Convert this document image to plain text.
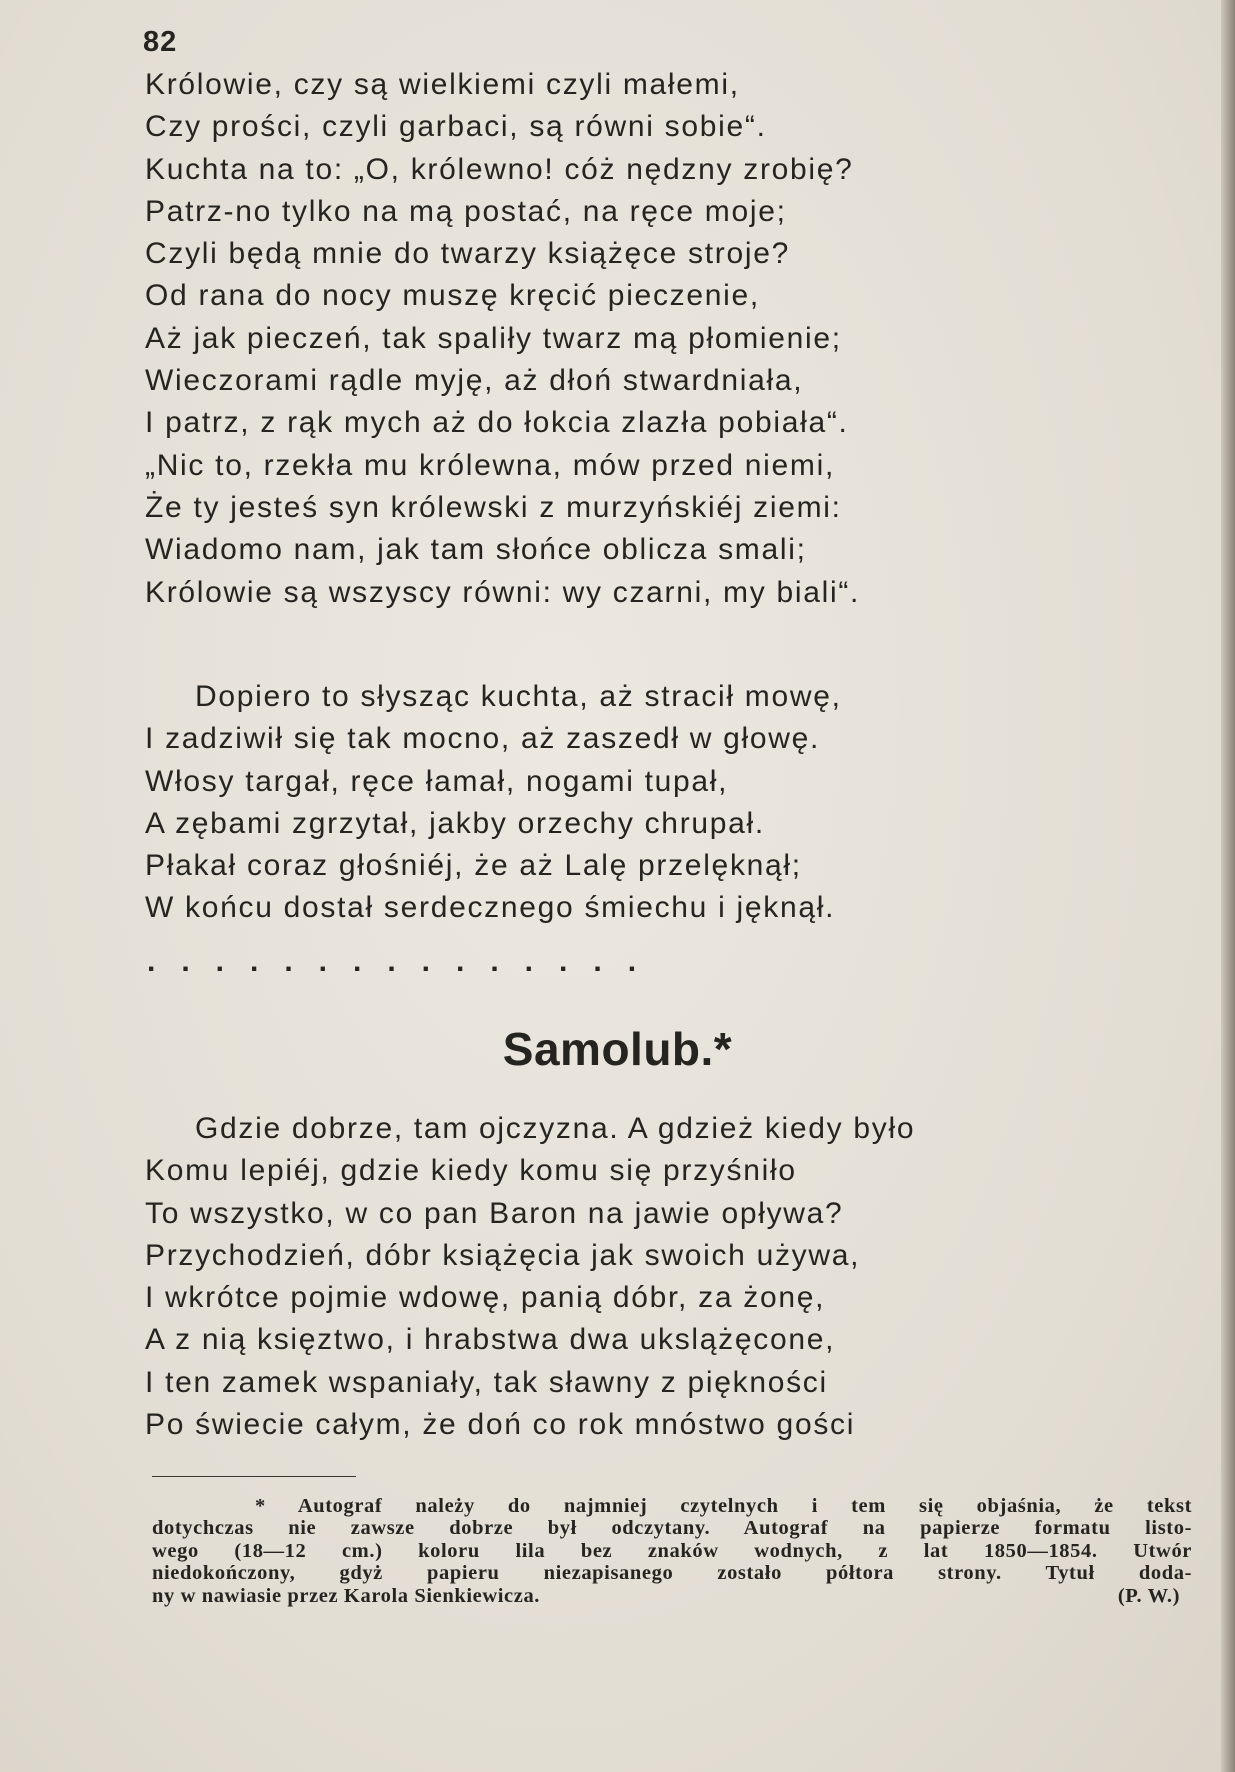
82
Królowie, czy są wielkiemi czyli małemi,
Czy prości, czyli garbaci, są równi sobie“.
Kuchta na to: „O, królewno! cóż nędzny zrobię?
Patrz-no tylko na mą postać, na ręce moje;
Czyli będą mnie do twarzy książęce stroje?
Od rana do nocy muszę kręcić pieczenie,
Aż jak pieczeń, tak spaliły twarz mą płomienie;
Wieczorami rądle myję, aż dłoń stwardniała,
I patrz, z rąk mych aż do łokcia zlazła pobiała“.
„Nic to, rzekła mu królewna, mów przed niemi,
Że ty jesteś syn królewski z murzyńskiéj ziemi:
Wiadomo nam, jak tam słońce oblicza smali;
Królowie są wszyscy równi: wy czarni, my biali“.
Dopiero to słysząc kuchta, aż stracił mowę,
I zadziwił się tak mocno, aż zaszedł w głowę.
Włosy targał, ręce łamał, nogami tupał,
A zębami zgrzytał, jakby orzechy chrupał.
Płakał coraz głośniéj, że aż Lalę przelęknął;
W końcu dostał serdecznego śmiechu i jęknął.
...............
Samolub.*
Gdzie dobrze, tam ojczyzna. A gdzież kiedy było
Komu lepiéj, gdzie kiedy komu się przyśniło
To wszystko, w co pan Baron na jawie opływa?
Przychodzień, dóbr książęcia jak swoich używa,
I wkrótce pojmie wdowę, panią dóbr, za żonę,
A z nią księztwo, i hrabstwa dwa ukslążęcone,
I ten zamek wspaniały, tak sławny z piękności
Po świecie całym, że doń co rok mnóstwo gości
* Autograf należy do najmniej czytelnych i tem się objaśnia, że tekst
dotychczas nie zawsze dobrze był odczytany. Autograf na papierze formatu listo-
wego (18—12 cm.) koloru lila bez znaków wodnych, z lat 1850—1854. Utwór
niedokończony, gdyż papieru niezapisanego zostało półtora strony. Tytuł doda-
ny w nawiasie przez Karola Sienkiewicza.	(P. W.)
